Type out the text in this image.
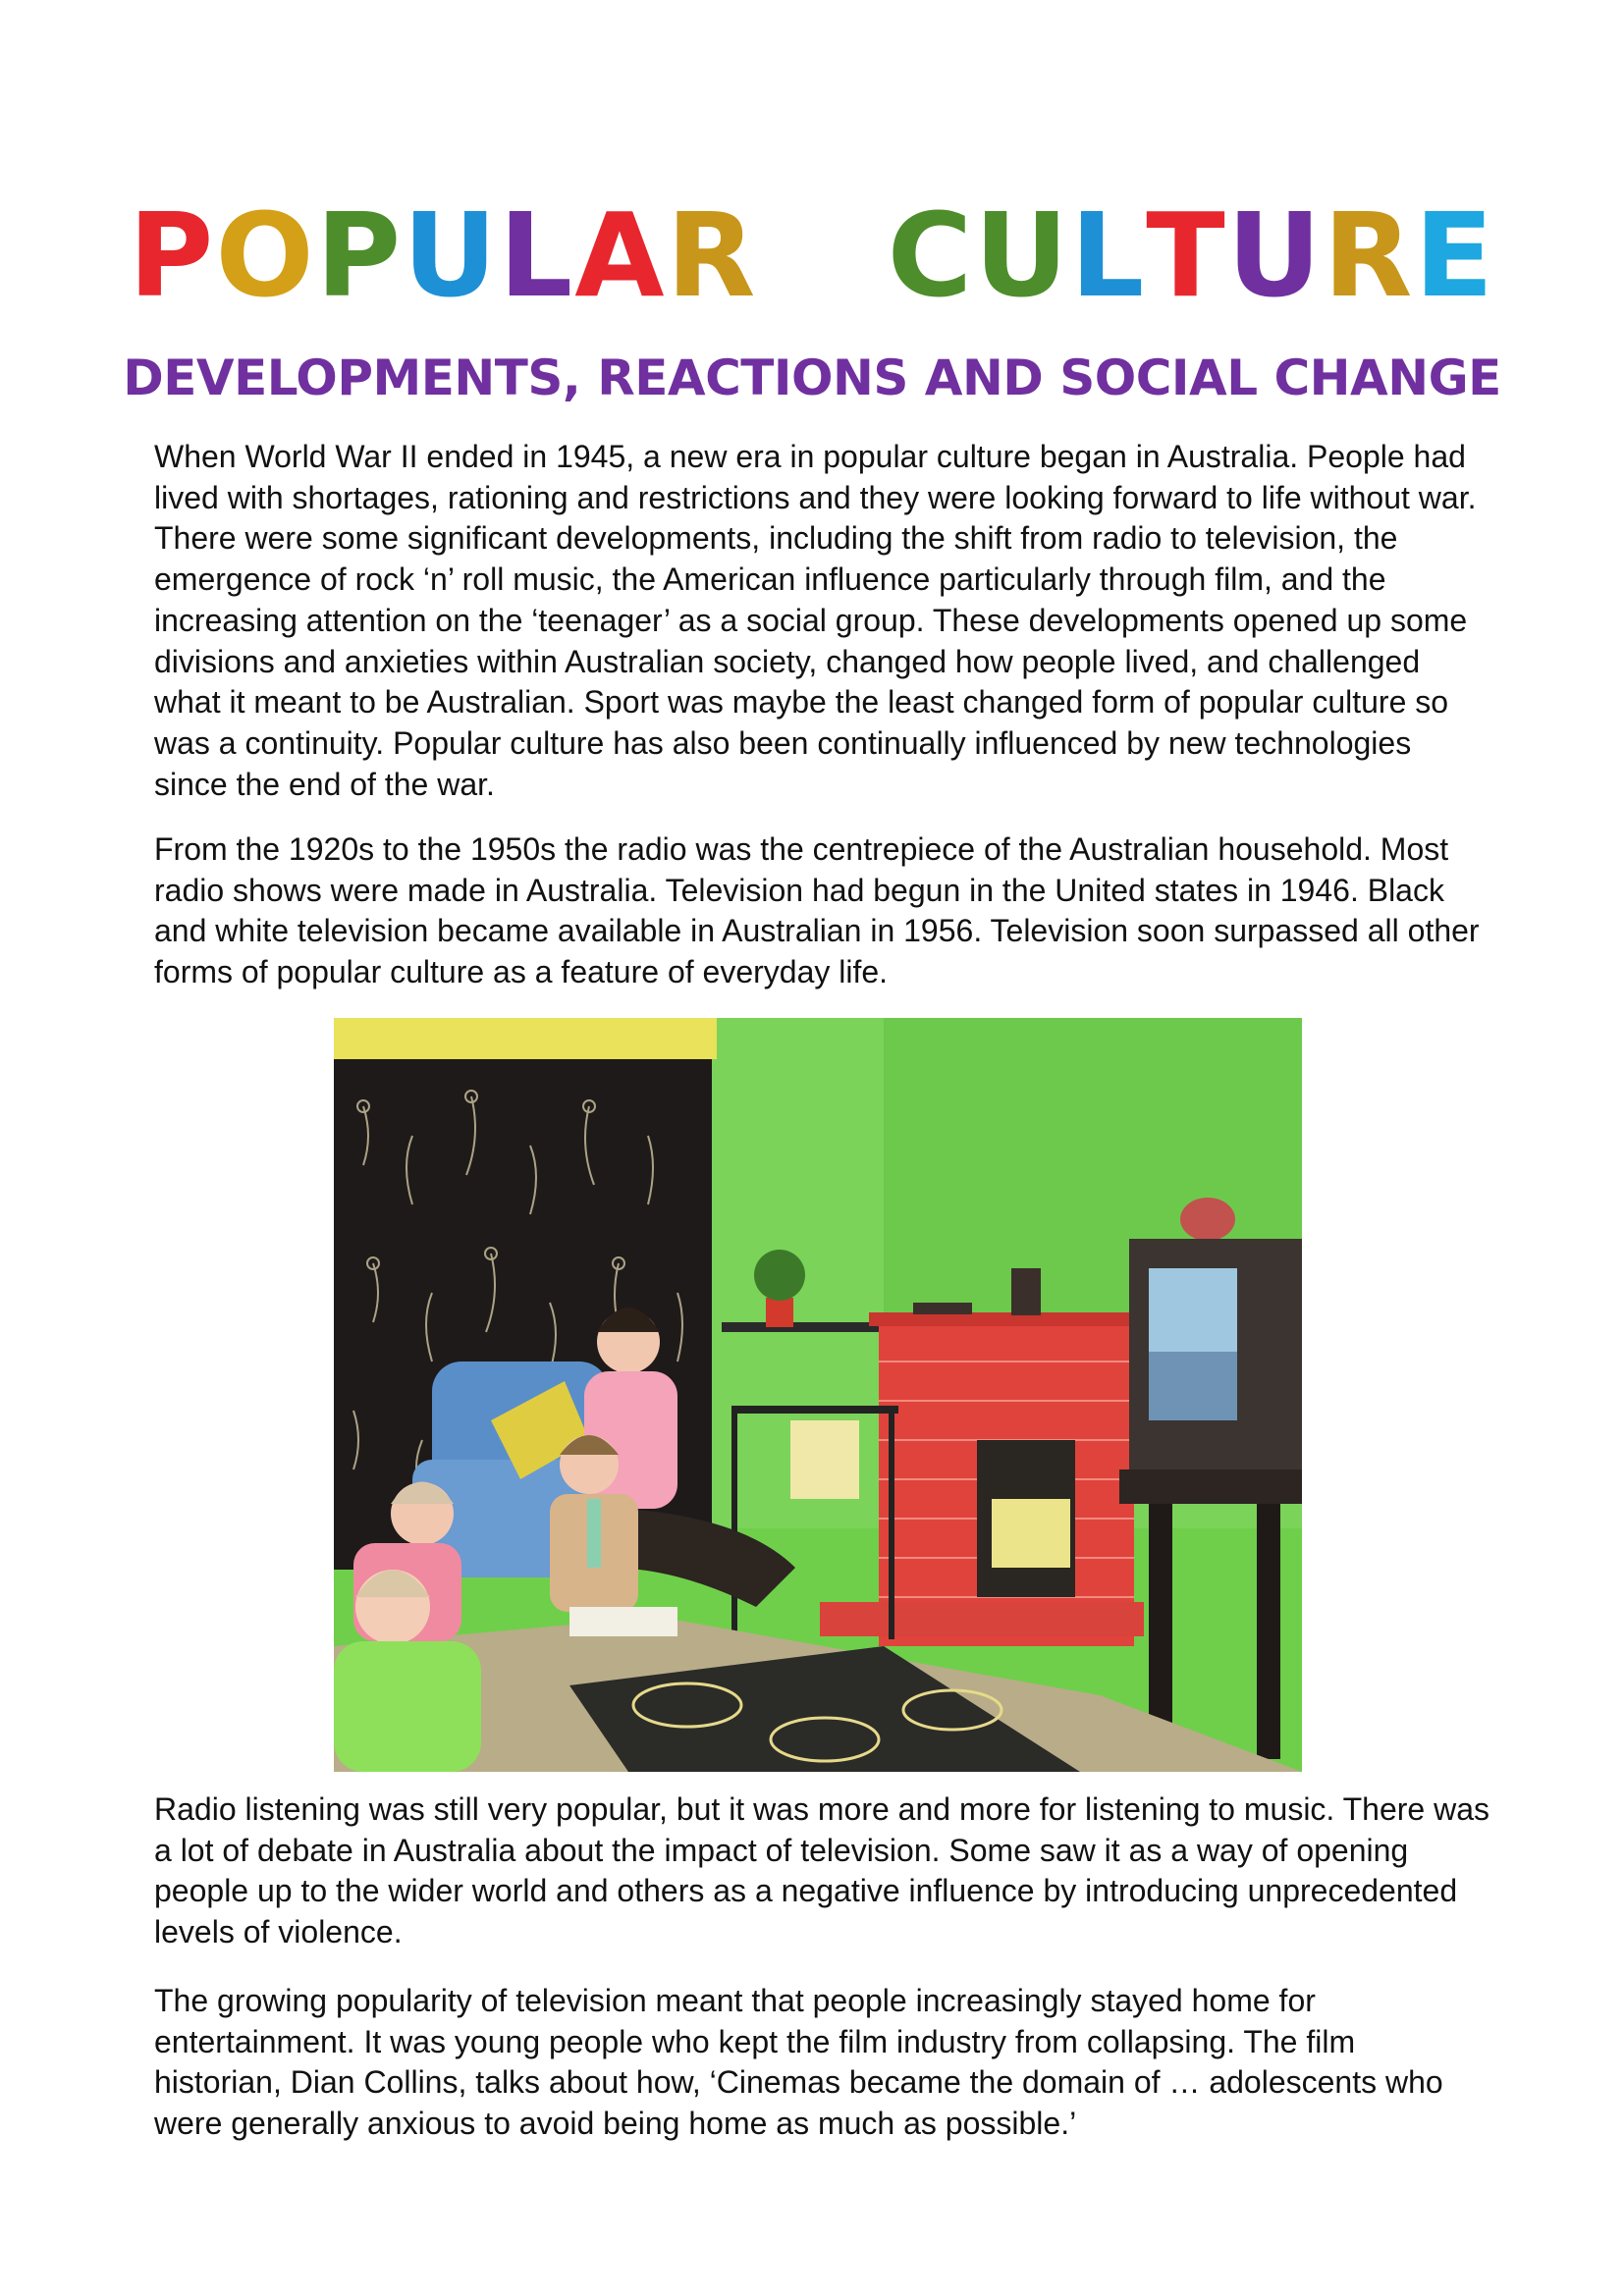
POPULAR CULTURE
DEVELOPMENTS, REACTIONS AND SOCIAL CHANGE

When World War II ended in 1945, a new era in popular culture began in Australia. People had lived with shortages, rationing and restrictions and they were looking forward to life without war. There were some significant developments, including the shift from radio to television, the emergence of rock ‘n’ roll music, the American influence particularly through film, and the increasing attention on the ‘teenager’ as a social group. These developments opened up some divisions and anxieties within Australian society, changed how people lived, and challenged what it meant to be Australian. Sport was maybe the least changed form of popular culture so was a continuity. Popular culture has also been continually influenced by new technologies since the end of the war.

From the 1920s to the 1950s the radio was the centrepiece of the Australian household. Most radio shows were made in Australia. Television had begun in the United states in 1946. Black and white television became available in Australian in 1956. Television soon surpassed all other forms of popular culture as a feature of everyday life.

Radio listening was still very popular, but it was more and more for listening to music. There was a lot of debate in Australia about the impact of television. Some saw it as a way of opening people up to the wider world and others as a negative influence by introducing unprecedented levels of violence.

The growing popularity of television meant that people increasingly stayed home for entertainment. It was young people who kept the film industry from collapsing. The film historian, Dian Collins, talks about how, ‘Cinemas became the domain of … adolescents who were generally anxious to avoid being home as much as possible.’
